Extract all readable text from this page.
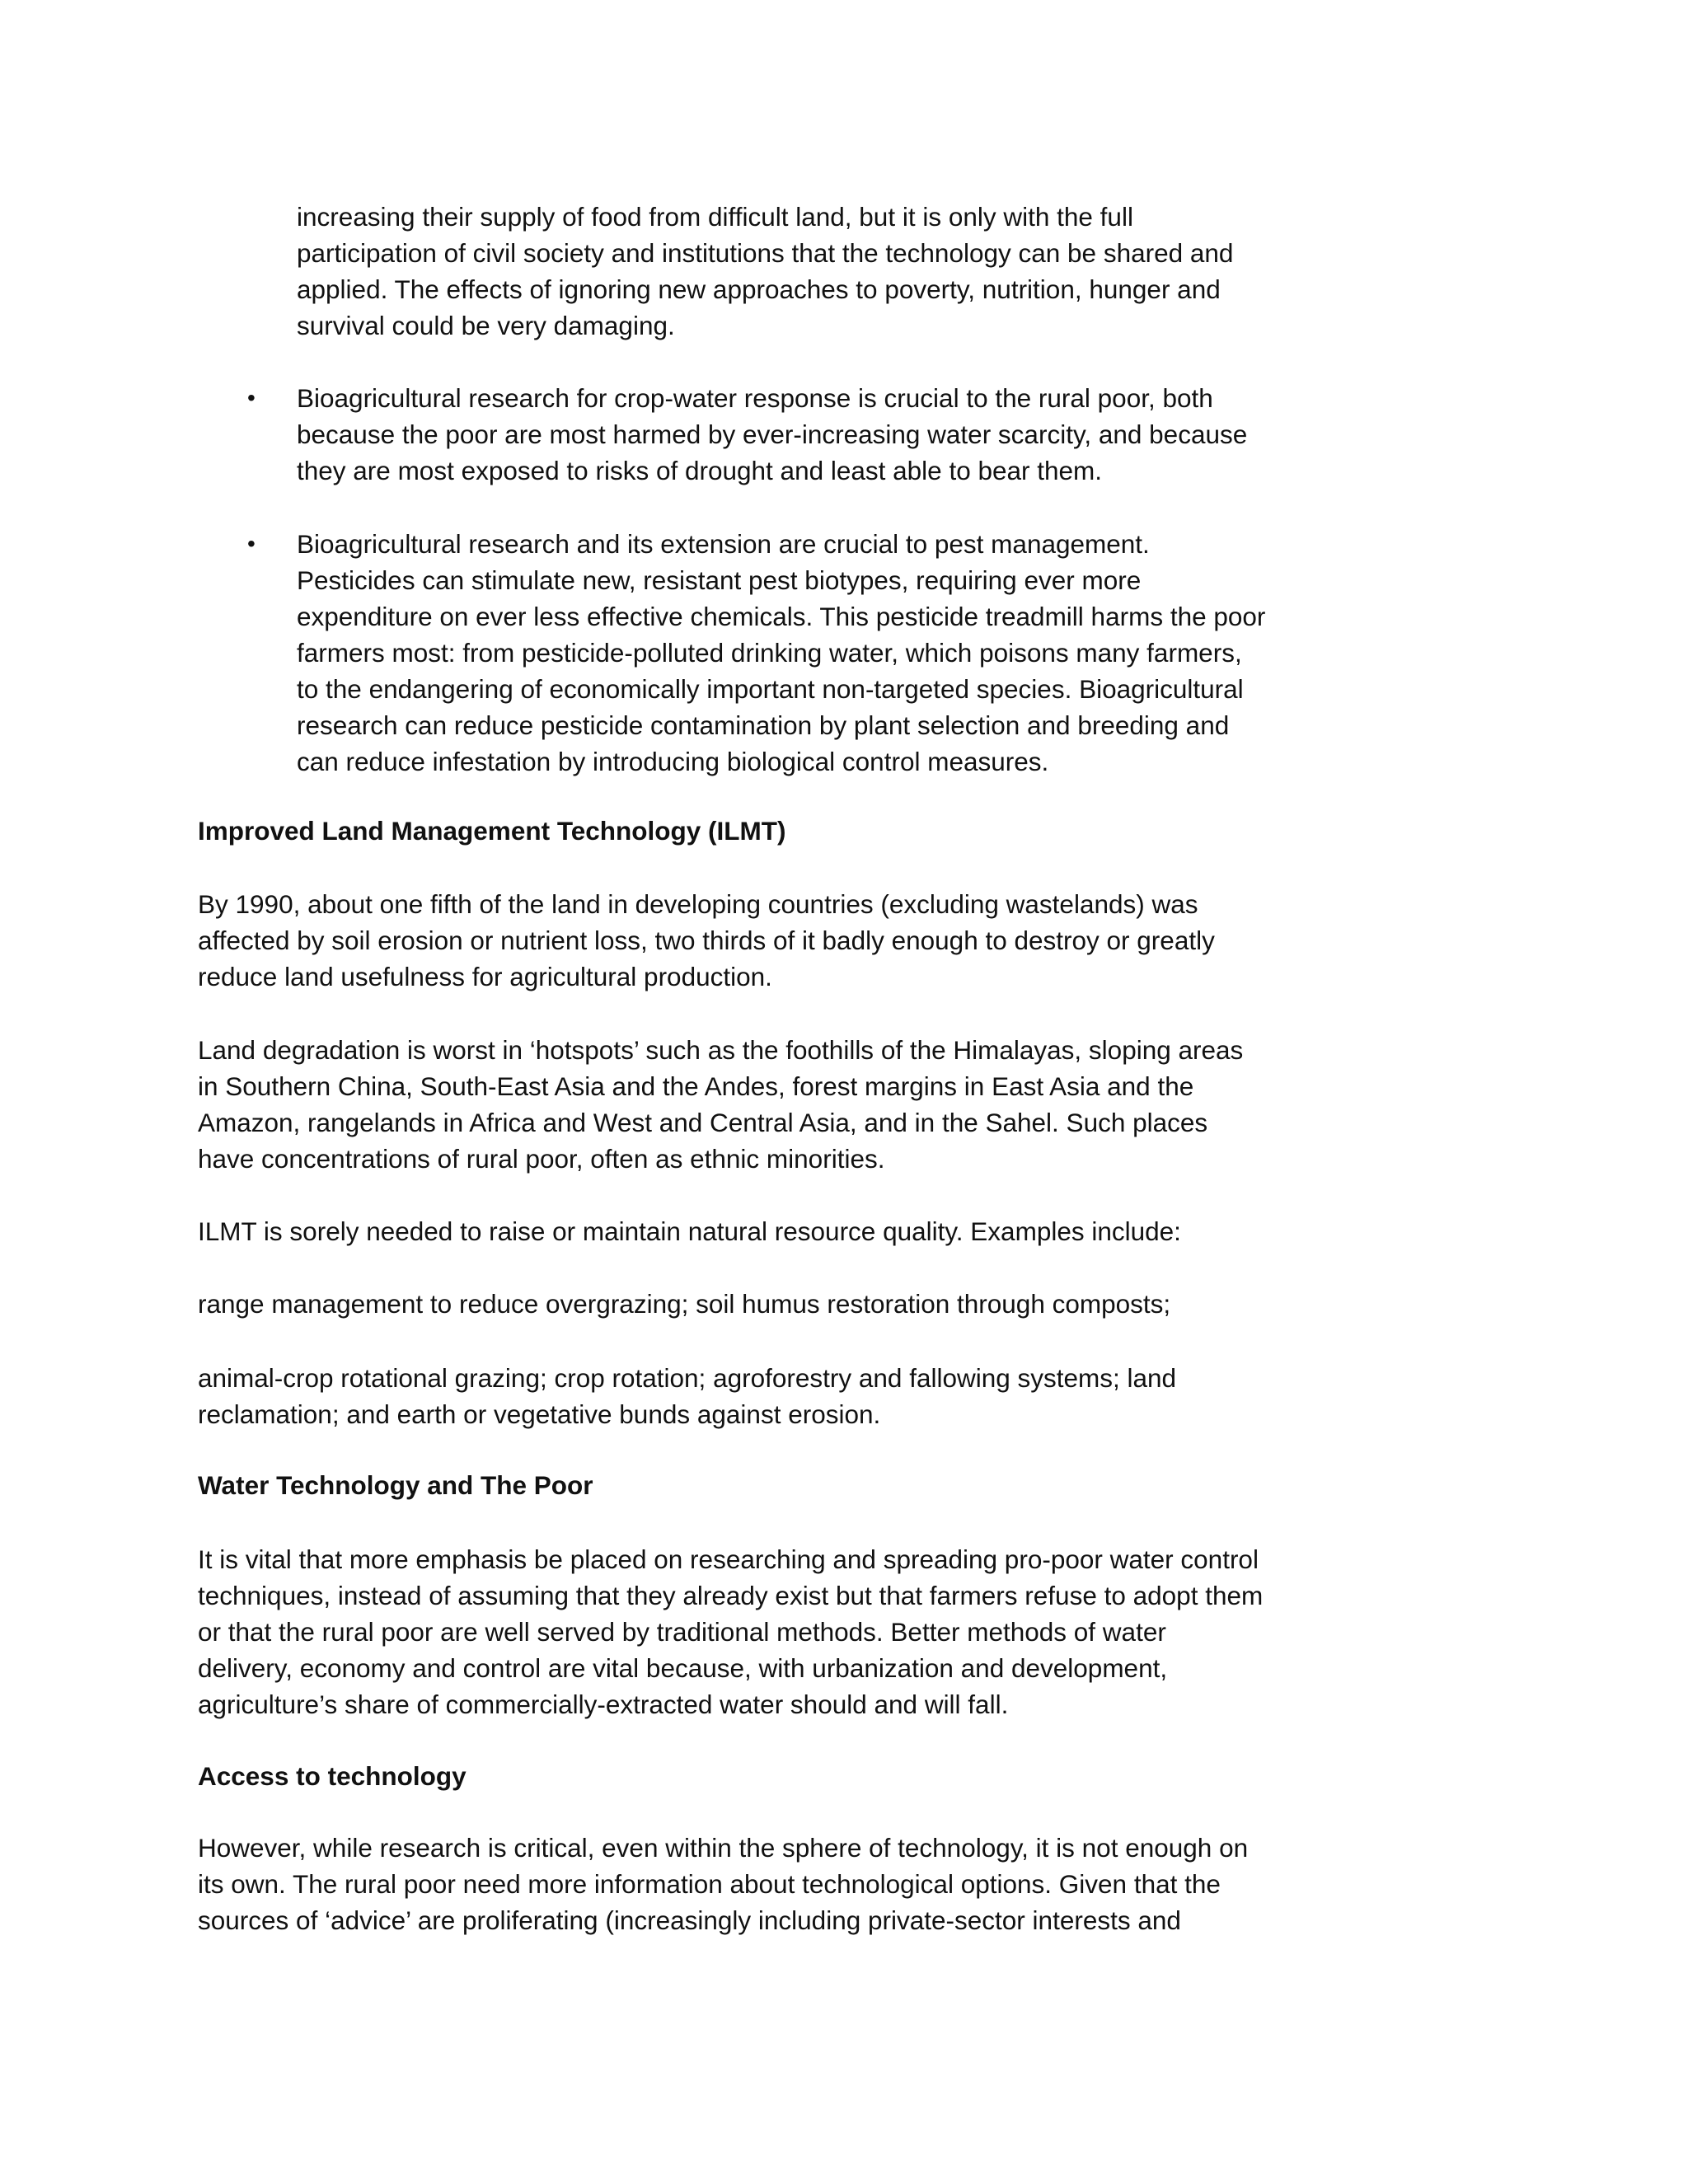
increasing their supply of food from difficult land, but it is only with the full
participation of civil society and institutions that the technology can be shared and
applied. The effects of ignoring new approaches to poverty, nutrition, hunger and
survival could be very damaging.
• Bioagricultural research for crop-water response is crucial to the rural poor, both
because the poor are most harmed by ever-increasing water scarcity, and because
they are most exposed to risks of drought and least able to bear them.
• Bioagricultural research and its extension are crucial to pest management.
Pesticides can stimulate new, resistant pest biotypes, requiring ever more
expenditure on ever less effective chemicals. This pesticide treadmill harms the poor
farmers most: from pesticide-polluted drinking water, which poisons many farmers,
to the endangering of economically important non-targeted species. Bioagricultural
research can reduce pesticide contamination by plant selection and breeding and
can reduce infestation by introducing biological control measures.
Improved Land Management Technology (ILMT)
By 1990, about one fifth of the land in developing countries (excluding wastelands) was
affected by soil erosion or nutrient loss, two thirds of it badly enough to destroy or greatly
reduce land usefulness for agricultural production.
Land degradation is worst in ‘hotspots’ such as the foothills of the Himalayas, sloping areas
in Southern China, South-East Asia and the Andes, forest margins in East Asia and the
Amazon, rangelands in Africa and West and Central Asia, and in the Sahel. Such places
have concentrations of rural poor, often as ethnic minorities.
ILMT is sorely needed to raise or maintain natural resource quality. Examples include:
range management to reduce overgrazing; soil humus restoration through composts;
animal-crop rotational grazing; crop rotation; agroforestry and fallowing systems; land
reclamation; and earth or vegetative bunds against erosion.
Water Technology and The Poor
It is vital that more emphasis be placed on researching and spreading pro-poor water control
techniques, instead of assuming that they already exist but that farmers refuse to adopt them
or that the rural poor are well served by traditional methods. Better methods of water
delivery, economy and control are vital because, with urbanization and development,
agriculture’s share of commercially-extracted water should and will fall.
Access to technology
However, while research is critical, even within the sphere of technology, it is not enough on
its own. The rural poor need more information about technological options. Given that the
sources of ‘advice’ are proliferating (increasingly including private-sector interests and
